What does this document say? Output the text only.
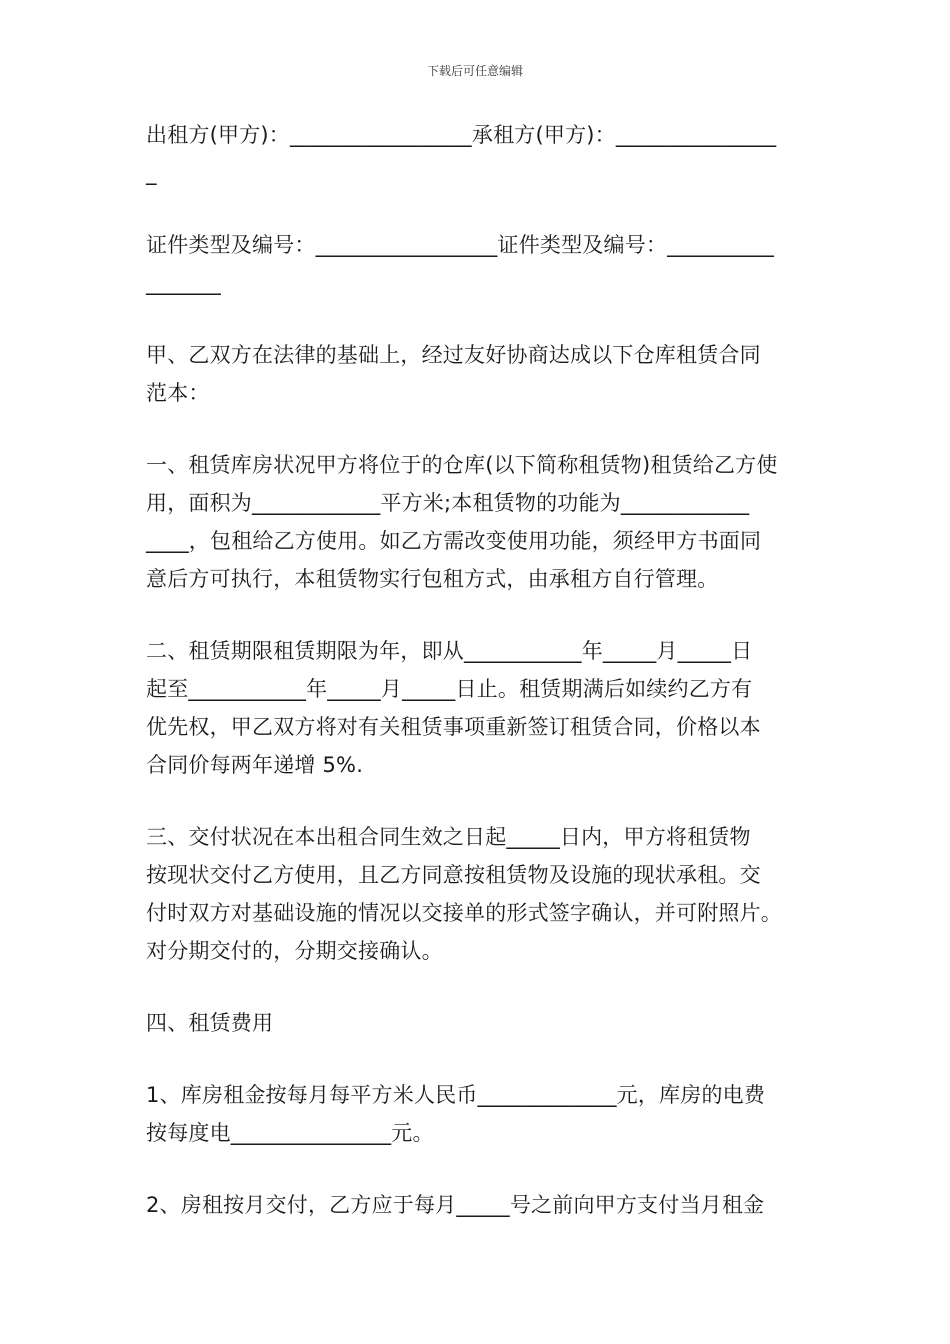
下载后可任意编辑
出租方(甲方)：_________________承租方(甲方)：_______________
_
证件类型及编号：_________________证件类型及编号：__________
_______
甲、乙双方在法律的基础上，经过友好协商达成以下仓库租赁合同
范本：
一、租赁库房状况甲方将位于的仓库(以下简称租赁物)租赁给乙方使
用，面积为____________平方米;本租赁物的功能为____________
____，包租给乙方使用。如乙方需改变使用功能，须经甲方书面同
意后方可执行，本租赁物实行包租方式，由承租方自行管理。
二、租赁期限租赁期限为年，即从___________年_____月_____日
起至___________年_____月_____日止。租赁期满后如续约乙方有
优先权，甲乙双方将对有关租赁事项重新签订租赁合同，价格以本
合同价每两年递增 5%.
三、交付状况在本出租合同生效之日起_____日内，甲方将租赁物
按现状交付乙方使用，且乙方同意按租赁物及设施的现状承租。交
付时双方对基础设施的情况以交接单的形式签字确认，并可附照片。
对分期交付的，分期交接确认。
四、租赁费用
1、库房租金按每月每平方米人民币_____________元，库房的电费
按每度电_______________元。
2、房租按月交付，乙方应于每月_____号之前向甲方支付当月租金
